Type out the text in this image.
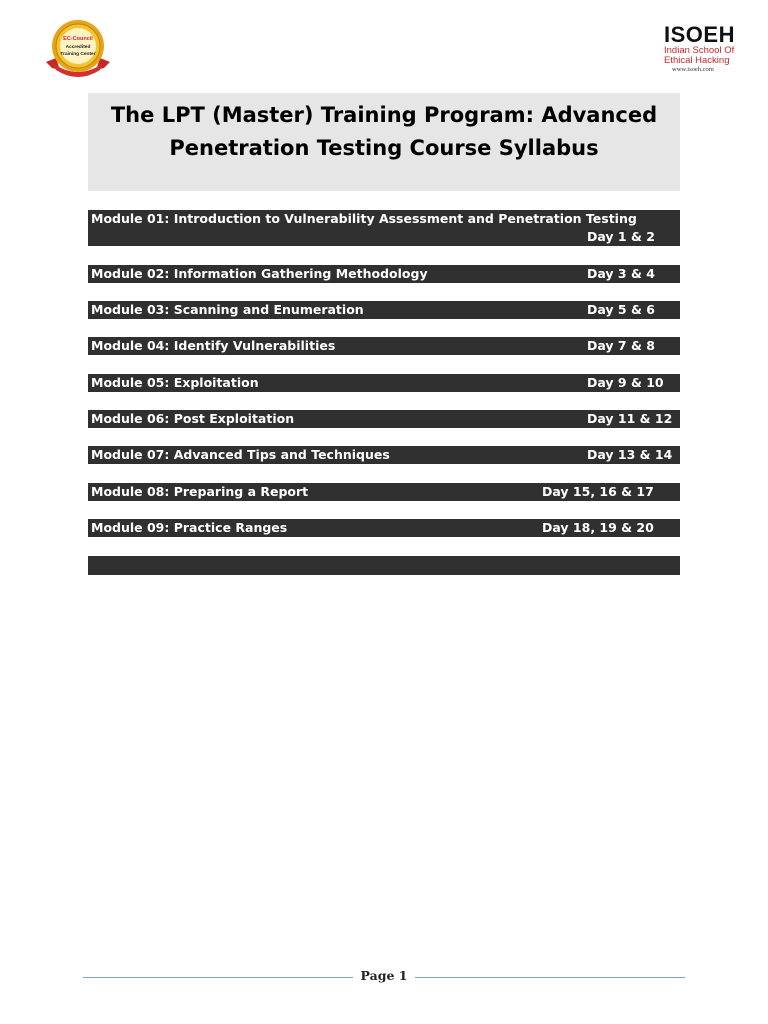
EC-Council
Accredited
Training Center
ISOEH
Indian School Of
Ethical Hacking
www.isoeh.com
The LPT (Master) Training Program: Advanced
Penetration Testing Course Syllabus
Module 01: Introduction to Vulnerability Assessment and Penetration Testing
Day 1 & 2
Module 02: Information Gathering Methodology	Day 3 & 4
Module 03: Scanning and Enumeration	Day 5 & 6
Module 04: Identify Vulnerabilities	Day 7 & 8
Module 05: Exploitation	Day 9 & 10
Module 06: Post Exploitation	Day 11 & 12
Module 07: Advanced Tips and Techniques	Day 13 & 14
Module 08: Preparing a Report	Day 15, 16 & 17
Module 09: Practice Ranges	Day 18, 19 & 20
Page 1
